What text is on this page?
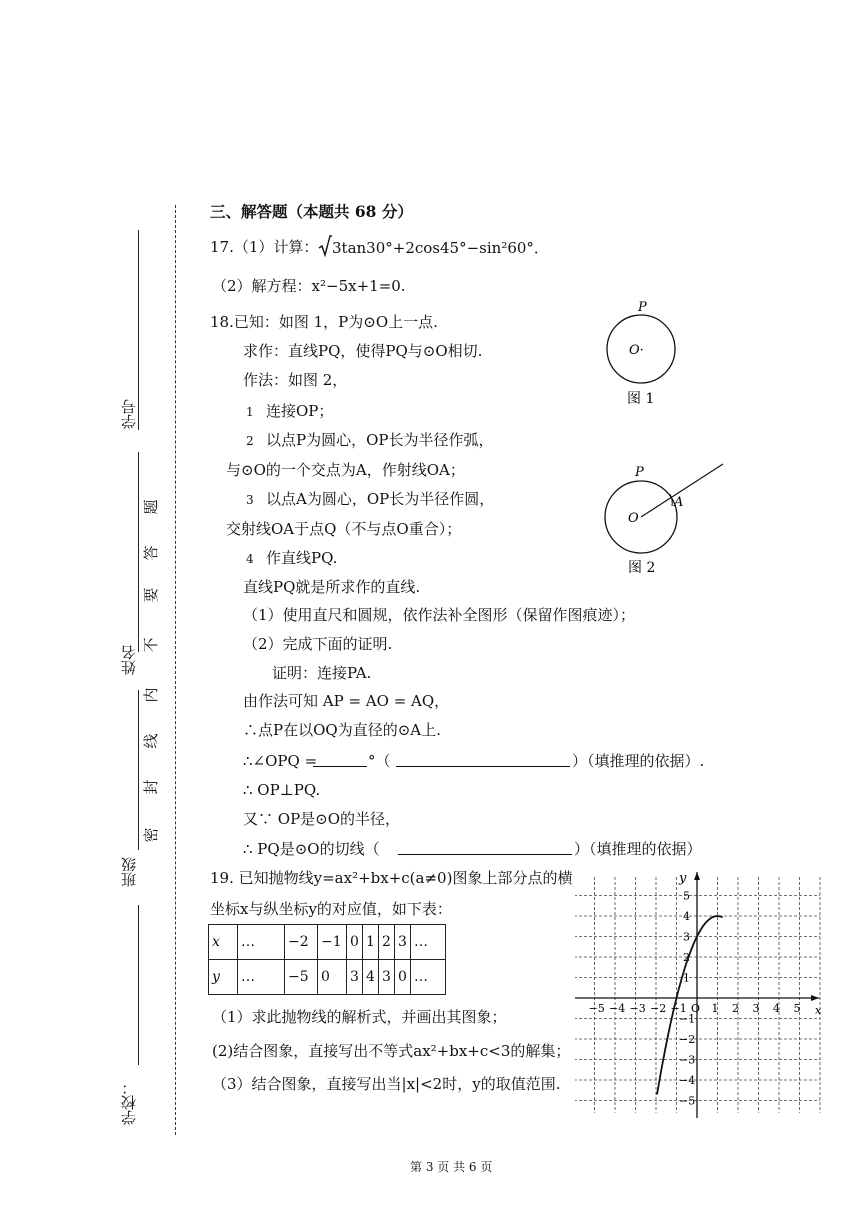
学号
姓名
班级
学校：
密
封
线
内
不
要
答
题
三、解答题（本题共 68 分）
17.（1）计算： 3tan30°+2cos45°−sin²60°．
（2）解方程：x²−5x+1=0.
18.已知：如图 1，P为⊙O上一点.
求作：直线PQ，使得PQ与⊙O相切.
作法：如图 2，
1 连接OP；
2 以点P为圆心，OP长为半径作弧，
与⊙O的一个交点为A，作射线OA；
3 以点A为圆心，OP长为半径作圆，
交射线OA于点Q（不与点O重合）；
4 作直线PQ.
直线PQ就是所求作的直线.
（1）使用直尺和圆规，依作法补全图形（保留作图痕迹）；
（2）完成下面的证明.
证明：连接PA.
由作法可知 AP = AO = AQ，
∴点P在以OQ为直径的⊙A上.
∴∠OPQ =	°（	）（填推理的依据）.
∴ OP⊥PQ.
又∵ OP是⊙O的半径，
∴ PQ是⊙O的切线（	）（填推理的依据）
P
O·
图 1
P
O
A
图 2
19. 已知抛物线y=ax²+bx+c(a≠0)图象上部分点的横
坐标x与纵坐标y的对应值，如下表：
x	…	−2	−1	0	1	2	3	…
y	…	−5	0	3	4	3	0	…
（1）求此抛物线的解析式，并画出其图象；
(2)结合图象，直接写出不等式ax²+bx+c<3的解集；
（3）结合图象，直接写出当|x|<2时，y的取值范围.
y
x
−5 −4 −3 −2 −1 O 1 2 3 4 5
1
2
3
4
5
−1
−2
−3
−4
−5
第 3 页 共 6 页
